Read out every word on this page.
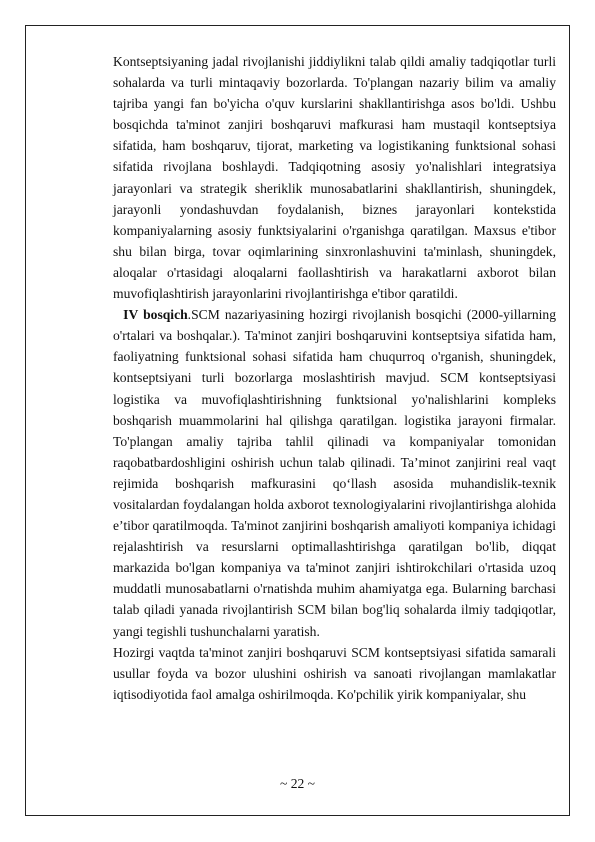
Kontseptsiyaning jadal rivojlanishi jiddiylikni talab qildi amaliy tadqiqotlar turli sohalarda va turli mintaqaviy bozorlarda. To'plangan nazariy bilim va amaliy tajriba yangi fan bo'yicha o'quv kurslarini shakllantirishga asos bo'ldi. Ushbu bosqichda ta'minot zanjiri boshqaruvi mafkurasi ham mustaqil kontseptsiya sifatida, ham boshqaruv, tijorat, marketing va logistikaning funktsional sohasi sifatida rivojlana boshlaydi. Tadqiqotning asosiy yo'nalishlari integratsiya jarayonlari va strategik sheriklik munosabatlarini shakllantirish, shuningdek, jarayonli yondashuvdan foydalanish, biznes jarayonlari kontekstida kompaniyalarning asosiy funktsiyalarini o'rganishga qaratilgan. Maxsus e'tibor shu bilan birga, tovar oqimlarining sinxronlashuvini ta'minlash, shuningdek, aloqalar o'rtasidagi aloqalarni faollashtirish va harakatlarni axborot bilan muvofiqlashtirish jarayonlarini rivojlantirishga e'tibor qaratildi.

IV bosqich.SCM nazariyasining hozirgi rivojlanish bosqichi (2000-yillarning o'rtalari va boshqalar.). Ta'minot zanjiri boshqaruvini kontseptsiya sifatida ham, faoliyatning funktsional sohasi sifatida ham chuqurroq o'rganish, shuningdek, kontseptsiyani turli bozorlarga moslashtirish mavjud. SCM kontseptsiyasi logistika va muvofiqlashtirishning funktsional yo'nalishlarini kompleks boshqarish muammolarini hal qilishga qaratilgan. logistika jarayoni firmalar. To'plangan amaliy tajriba tahlil qilinadi va kompaniyalar tomonidan raqobatbardoshligini oshirish uchun talab qilinadi. Ta’minot zanjirini real vaqt rejimida boshqarish mafkurasini qo‘llash asosida muhandislik-texnik vositalardan foydalangan holda axborot texnologiyalarini rivojlantirishga alohida e’tibor qaratilmoqda. Ta'minot zanjirini boshqarish amaliyoti kompaniya ichidagi rejalashtirish va resurslarni optimallashtirishga qaratilgan bo'lib, diqqat markazida bo'lgan kompaniya va ta'minot zanjiri ishtirokchilari o'rtasida uzoq muddatli munosabatlarni o'rnatishda muhim ahamiyatga ega. Bularning barchasi talab qiladi yanada rivojlantirish SCM bilan bog'liq sohalarda ilmiy tadqiqotlar, yangi tegishli tushunchalarni yaratish.

Hozirgi vaqtda ta'minot zanjiri boshqaruvi SCM kontseptsiyasi sifatida samarali usullar foyda va bozor ulushini oshirish va sanoati rivojlangan mamlakatlar iqtisodiyotida faol amalga oshirilmoqda. Ko'pchilik yirik kompaniyalar, shu

~ 22 ~
